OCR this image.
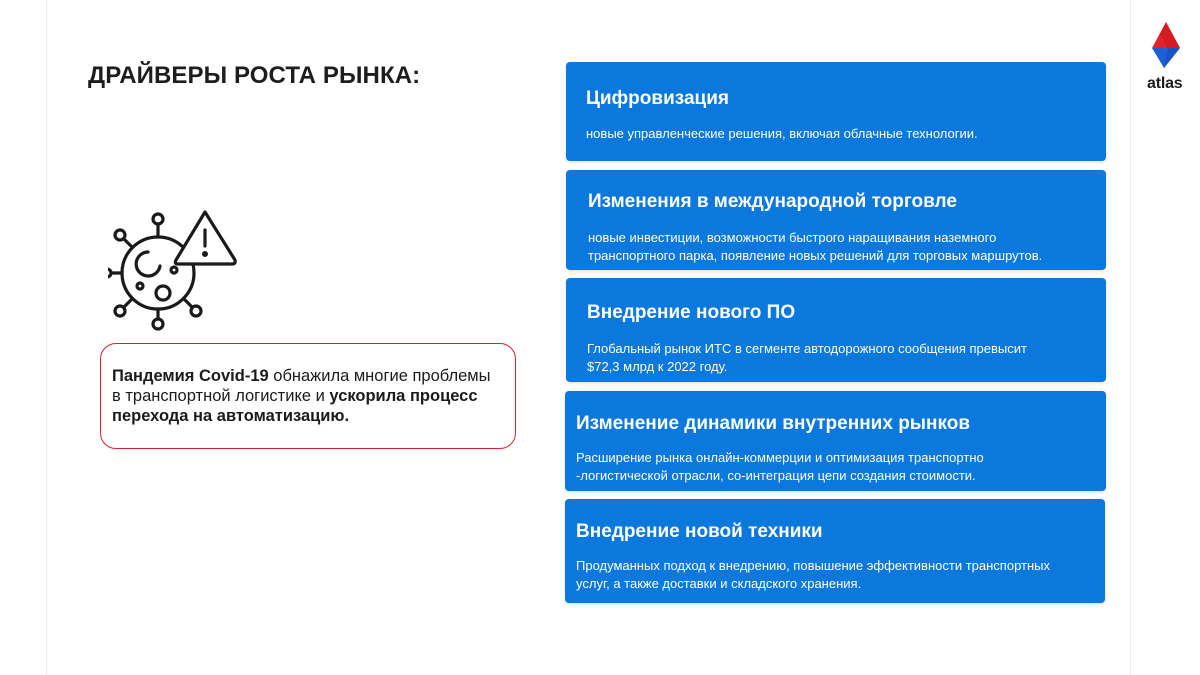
ДРАЙВЕРЫ РОСТА РЫНКА:
Пандемия Covid-19 обнажила многие проблемы в транспортной логистике и ускорила процесс перехода на автоматизацию.
Цифровизация
новые управленческие решения, включая облачные технологии.
Изменения в международной торговле
новые инвестиции, возможности быстрого наращивания наземного транспортного парка, появление новых решений для торговых маршрутов.
Внедрение нового ПО
Глобальный рынок ИТС в сегменте автодорожного сообщения превысит $72,3 млрд к 2022 году.
Изменение динамики внутренних рынков
Расширение рынка онлайн-коммерции и оптимизация транспортно -логистической отрасли, со-интеграция цепи создания стоимости.
Внедрение новой техники
Продуманных подход к внедрению, повышение эффективности транспортных услуг, а также доставки и складского хранения.
atlas
